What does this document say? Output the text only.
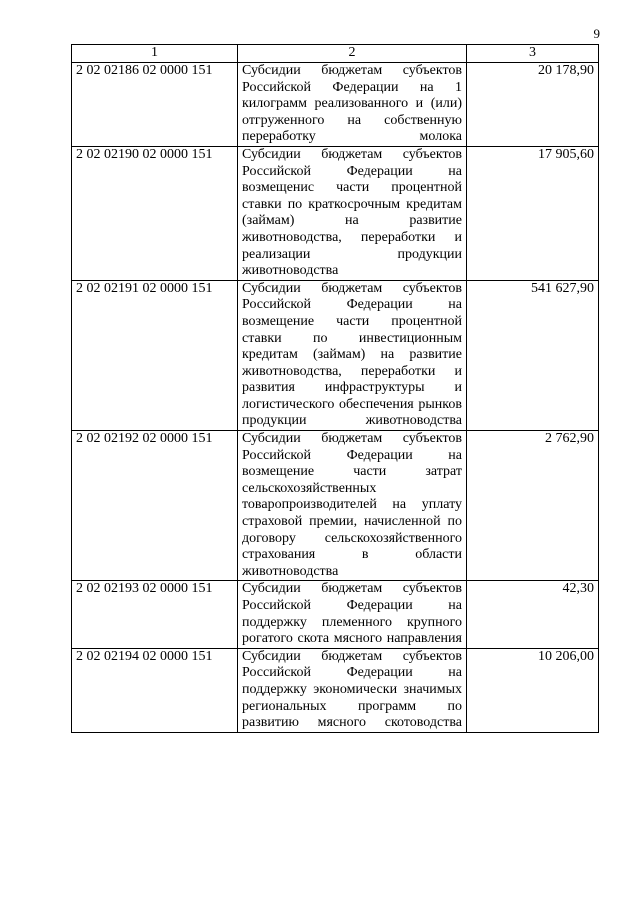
9
1	2	3
2 02 02186 02 0000 151	Субсидии бюджетам субъектов Российской Федерации на 1 килограмм реализованного и (или) отгруженного на собственную переработку молока	20 178,90
2 02 02190 02 0000 151	Субсидии бюджетам субъектов Российской Федерации на возмещенис части процентной ставки по краткосрочным кредитам (займам) на развитие животноводства, переработки и реализации продукции животноводства	17 905,60
2 02 02191 02 0000 151	Субсидии бюджетам субъектов Российской Федерации на возмещение части процентной ставки по инвестиционным кредитам (займам) на развитие животноводства, переработки и развития инфраструктуры и логистического обеспечения рынков продукции животноводства	541 627,90
2 02 02192 02 0000 151	Субсидии бюджетам субъектов Российской Федерации на возмещение части затрат сельскохозяйственных товаропроизводителей на уплату страховой премии, начисленной по договору сельскохозяйственного страхования в области животноводства	2 762,90
2 02 02193 02 0000 151	Субсидии бюджетам субъектов Российской Федерации на поддержку племенного крупного рогатого скота мясного направления	42,30
2 02 02194 02 0000 151	Субсидии бюджетам субъектов Российской Федерации на поддержку экономически значимых региональных программ по развитию мясного скотоводства	10 206,00
